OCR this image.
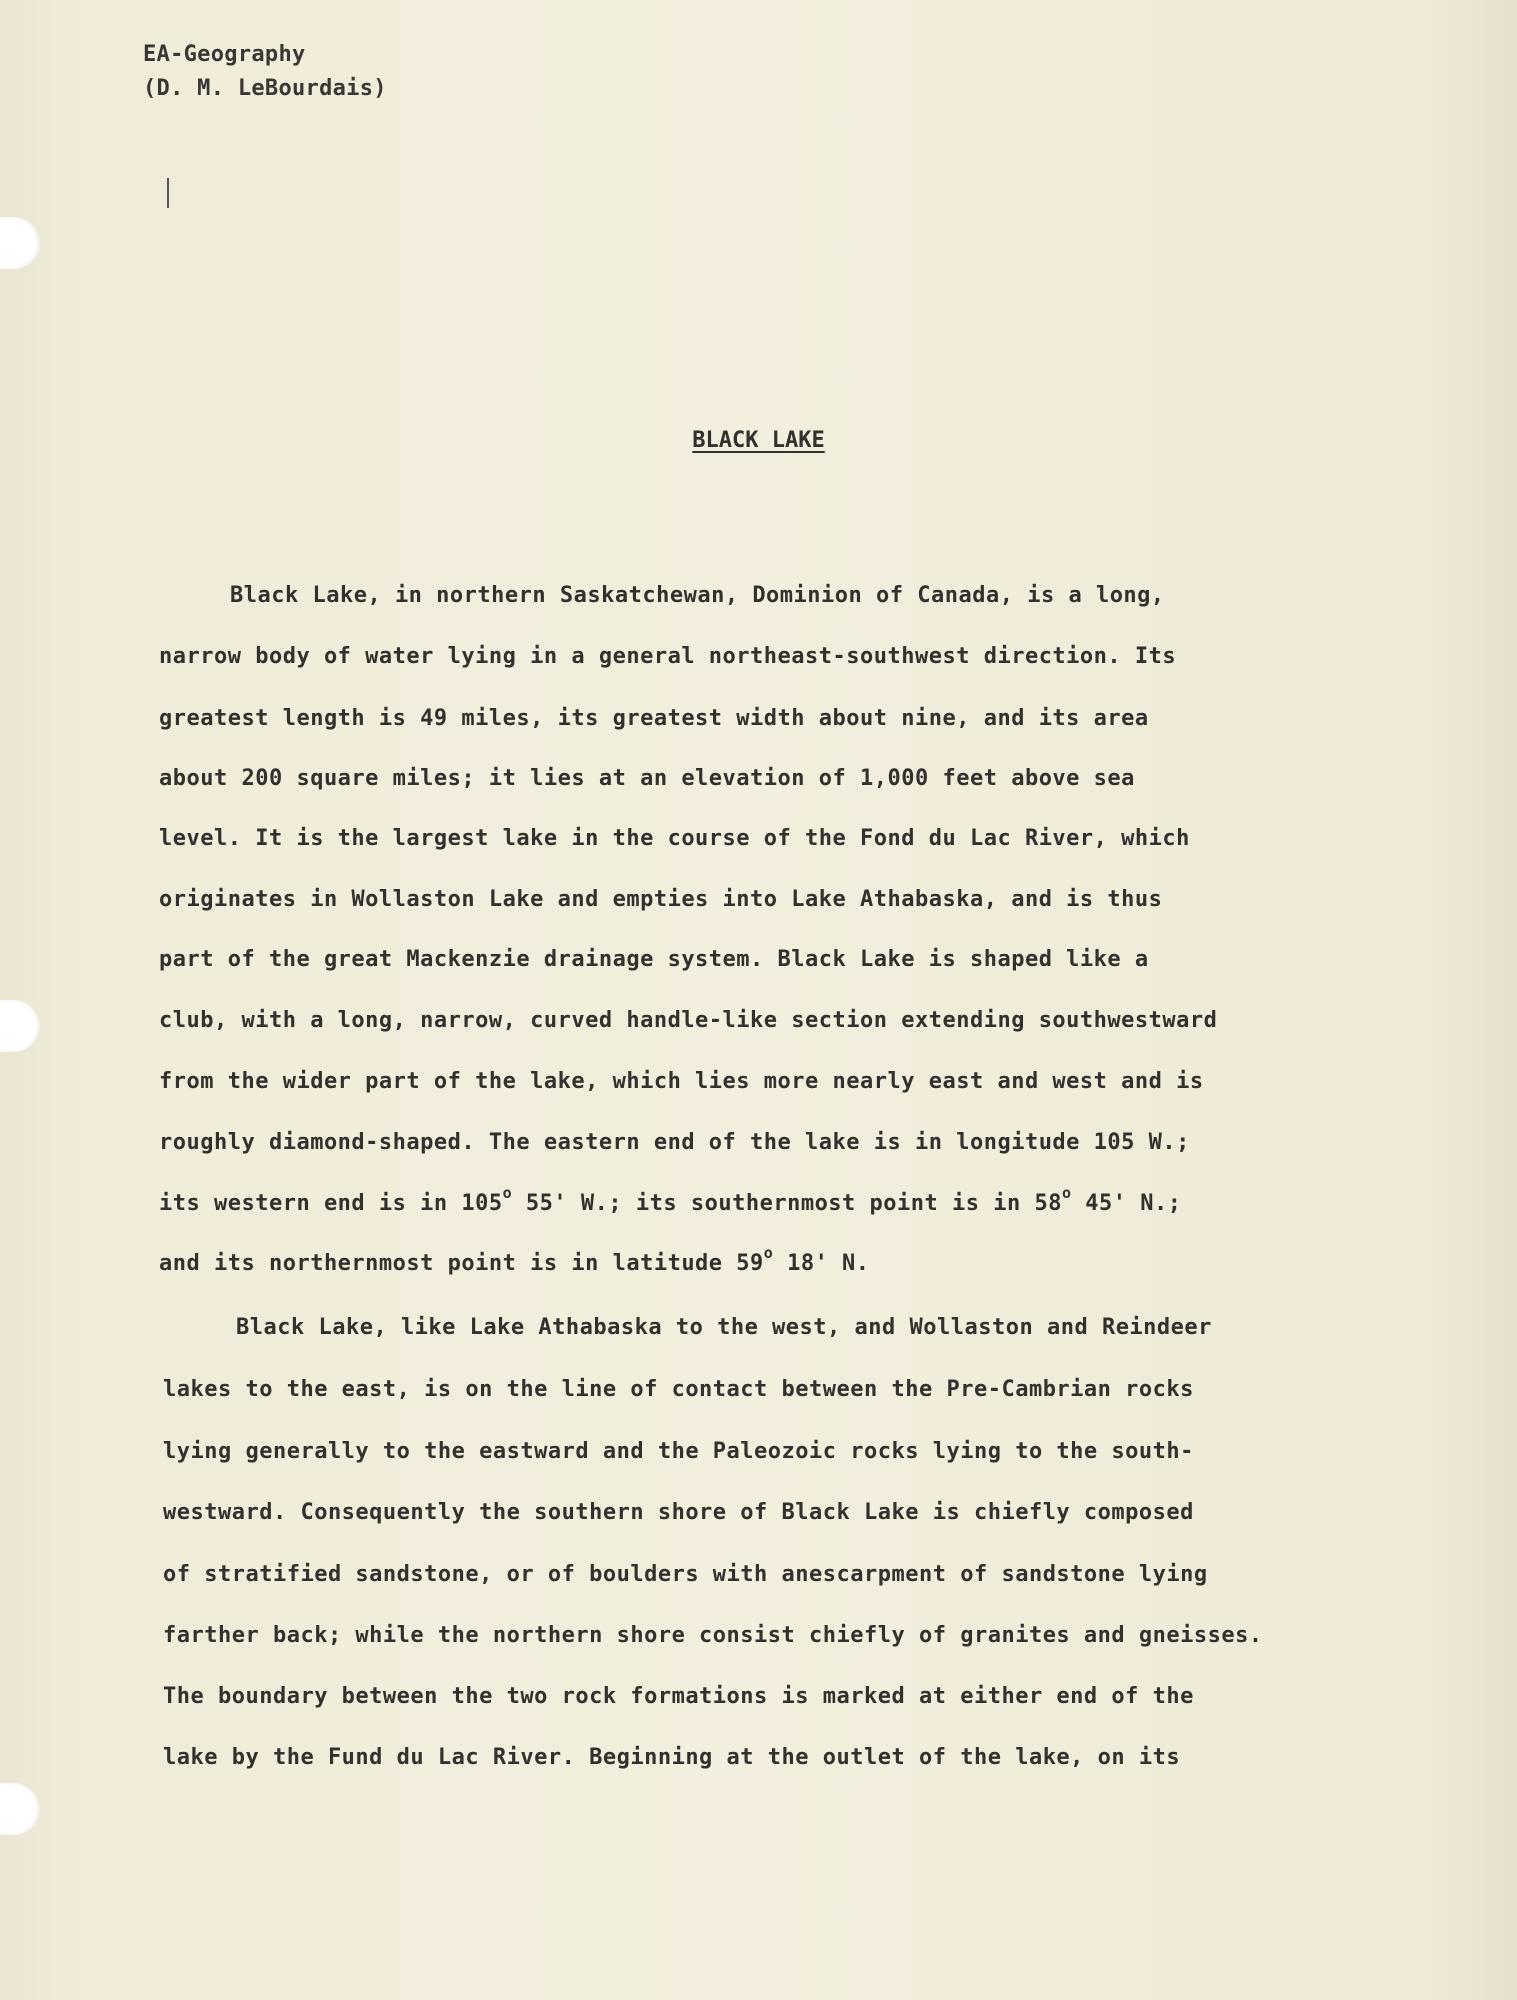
EA-Geography
(D. M. LeBourdais)
BLACK LAKE
Black Lake, in northern Saskatchewan, Dominion of Canada, is a long,
narrow body of water lying in a general northeast-southwest direction. Its
greatest length is 49 miles, its greatest width about nine, and its area
about 200 square miles; it lies at an elevation of 1,000 feet above sea
level. It is the largest lake in the course of the Fond du Lac River, which
originates in Wollaston Lake and empties into Lake Athabaska, and is thus
part of the great Mackenzie drainage system. Black Lake is shaped like a
club, with a long, narrow, curved handle-like section extending southwestward
from the wider part of the lake, which lies more nearly east and west and is
roughly diamond-shaped. The eastern end of the lake is in longitude 105 W.;
its western end is in 105$^o$ 55' W.; its southernmost point is in 58$^o$ 45' N.;
and its northernmost point is in latitude 59$^o$ 18' N.
Black Lake, like Lake Athabaska to the west, and Wollaston and Reindeer
lakes to the east, is on the line of contact between the Pre-Cambrian rocks
lying generally to the eastward and the Paleozoic rocks lying to the south-
westward. Consequently the southern shore of Black Lake is chiefly composed
of stratified sandstone, or of boulders with anescarpment of sandstone lying
farther back; while the northern shore consist chiefly of granites and gneisses.
The boundary between the two rock formations is marked at either end of the
lake by the Fund du Lac River. Beginning at the outlet of the lake, on its
